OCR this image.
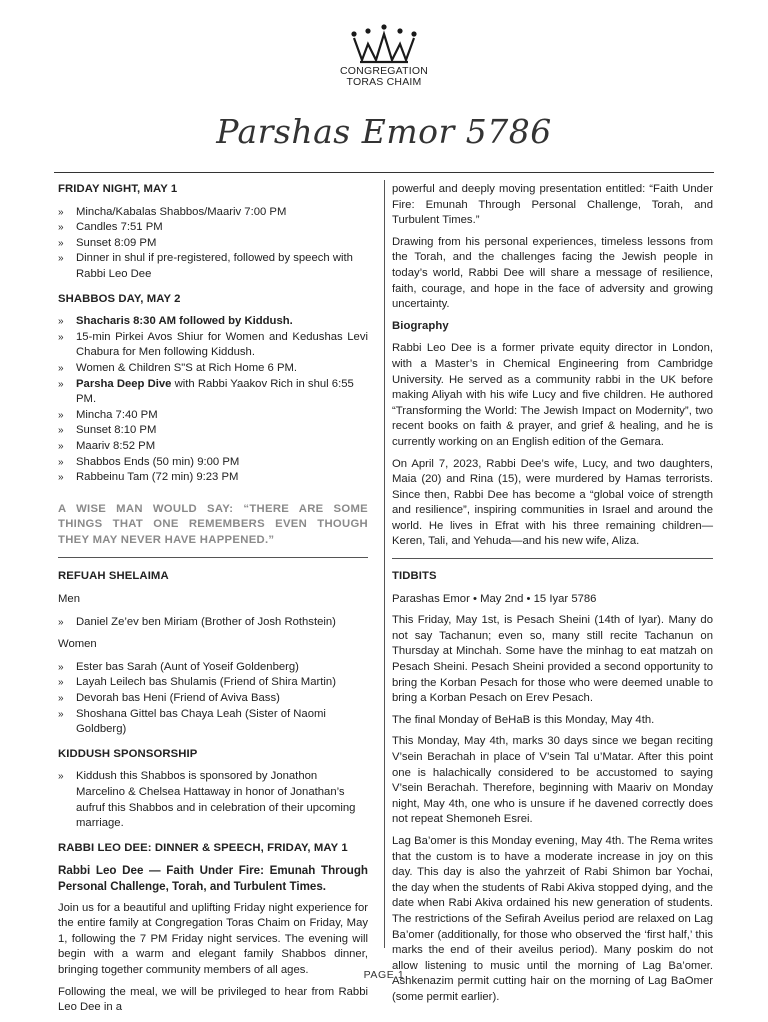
CONGREGATION
TORAS CHAIM
Parshas Emor 5786
FRIDAY NIGHT, MAY 1
» Mincha/Kabalas Shabbos/Maariv 7:00 PM
» Candles 7:51 PM
» Sunset 8:09 PM
» Dinner in shul if pre-registered, followed by speech with Rabbi Leo Dee
SHABBOS DAY, MAY 2
» Shacharis 8:30 AM followed by Kiddush.
» 15-min Pirkei Avos Shiur for Women and Kedushas Levi Chabura for Men following Kiddush.
» Women & Children S"S at Rich Home 6 PM.
» Parsha Deep Dive with Rabbi Yaakov Rich in shul 6:55 PM.
» Mincha 7:40 PM
» Sunset 8:10 PM
» Maariv 8:52 PM
» Shabbos Ends (50 min) 9:00 PM
» Rabbeinu Tam (72 min) 9:23 PM
A WISE MAN WOULD SAY: “THERE ARE SOME THINGS THAT ONE REMEMBERS EVEN THOUGH THEY MAY NEVER HAVE HAPPENED.”
REFUAH SHELAIMA
Men
» Daniel Ze’ev ben Miriam (Brother of Josh Rothstein)
Women
» Ester bas Sarah (Aunt of Yoseif Goldenberg)
» Layah Leilech bas Shulamis (Friend of Shira Martin)
» Devorah bas Heni (Friend of Aviva Bass)
» Shoshana Gittel bas Chaya Leah (Sister of Naomi Goldberg)
KIDDUSH SPONSORSHIP
» Kiddush this Shabbos is sponsored by Jonathon Marcelino & Chelsea Hattaway in honor of Jonathan’s aufruf this Shabbos and in celebration of their upcoming marriage.
RABBI LEO DEE: DINNER & SPEECH, FRIDAY, MAY 1

Rabbi Leo Dee — Faith Under Fire: Emunah Through Personal Challenge, Torah, and Turbulent Times.

Join us for a beautiful and uplifting Friday night experience for the entire family at Congregation Toras Chaim on Friday, May 1, following the 7 PM Friday night services. The evening will begin with a warm and elegant family Shabbos dinner, bringing together community members of all ages.

Following the meal, we will be privileged to hear from Rabbi Leo Dee in a

powerful and deeply moving presentation entitled: “Faith Under Fire: Emunah Through Personal Challenge, Torah, and Turbulent Times.”

Drawing from his personal experiences, timeless lessons from the Torah, and the challenges facing the Jewish people in today’s world, Rabbi Dee will share a message of resilience, faith, courage, and hope in the face of adversity and growing uncertainty.

Biography

Rabbi Leo Dee is a former private equity director in London, with a Master’s in Chemical Engineering from Cambridge University. He served as a community rabbi in the UK before making Aliyah with his wife Lucy and five children. He authored “Transforming the World: The Jewish Impact on Modernity”, two recent books on faith & prayer, and grief & healing, and he is currently working on an English edition of the Gemara.

On April 7, 2023, Rabbi Dee’s wife, Lucy, and two daughters, Maia (20) and Rina (15), were murdered by Hamas terrorists. Since then, Rabbi Dee has become a “global voice of strength and resilience”, inspiring communities in Israel and around the world. He lives in Efrat with his three remaining children—Keren, Tali, and Yehuda—and his new wife, Aliza.

TIDBITS

Parashas Emor • May 2nd • 15 Iyar 5786

This Friday, May 1st, is Pesach Sheini (14th of Iyar). Many do not say Tachanun; even so, many still recite Tachanun on Thursday at Minchah. Some have the minhag to eat matzah on Pesach Sheini. Pesach Sheini provided a second opportunity to bring the Korban Pesach for those who were deemed unable to bring a Korban Pesach on Erev Pesach.

The final Monday of BeHaB is this Monday, May 4th.

This Monday, May 4th, marks 30 days since we began reciting V’sein Berachah in place of V’sein Tal u’Matar. After this point one is halachically considered to be accustomed to saying V’sein Berachah. Therefore, beginning with Maariv on Monday night, May 4th, one who is unsure if he davened correctly does not repeat Shemoneh Esrei.

Lag Ba’omer is this Monday evening, May 4th. The Rema writes that the custom is to have a moderate increase in joy on this day. This day is also the yahrzeit of Rabi Shimon bar Yochai, the day when the students of Rabi Akiva stopped dying, and the date when Rabi Akiva ordained his new generation of students. The restrictions of the Sefirah Aveilus period are relaxed on Lag Ba’omer (additionally, for those who observed the ‘first half,’ this marks the end of their aveilus period). Many poskim do not allow listening to music until the morning of Lag Ba’omer. Ashkenazim permit cutting hair on the morning of Lag BaOmer (some permit earlier).

PAGE 1
